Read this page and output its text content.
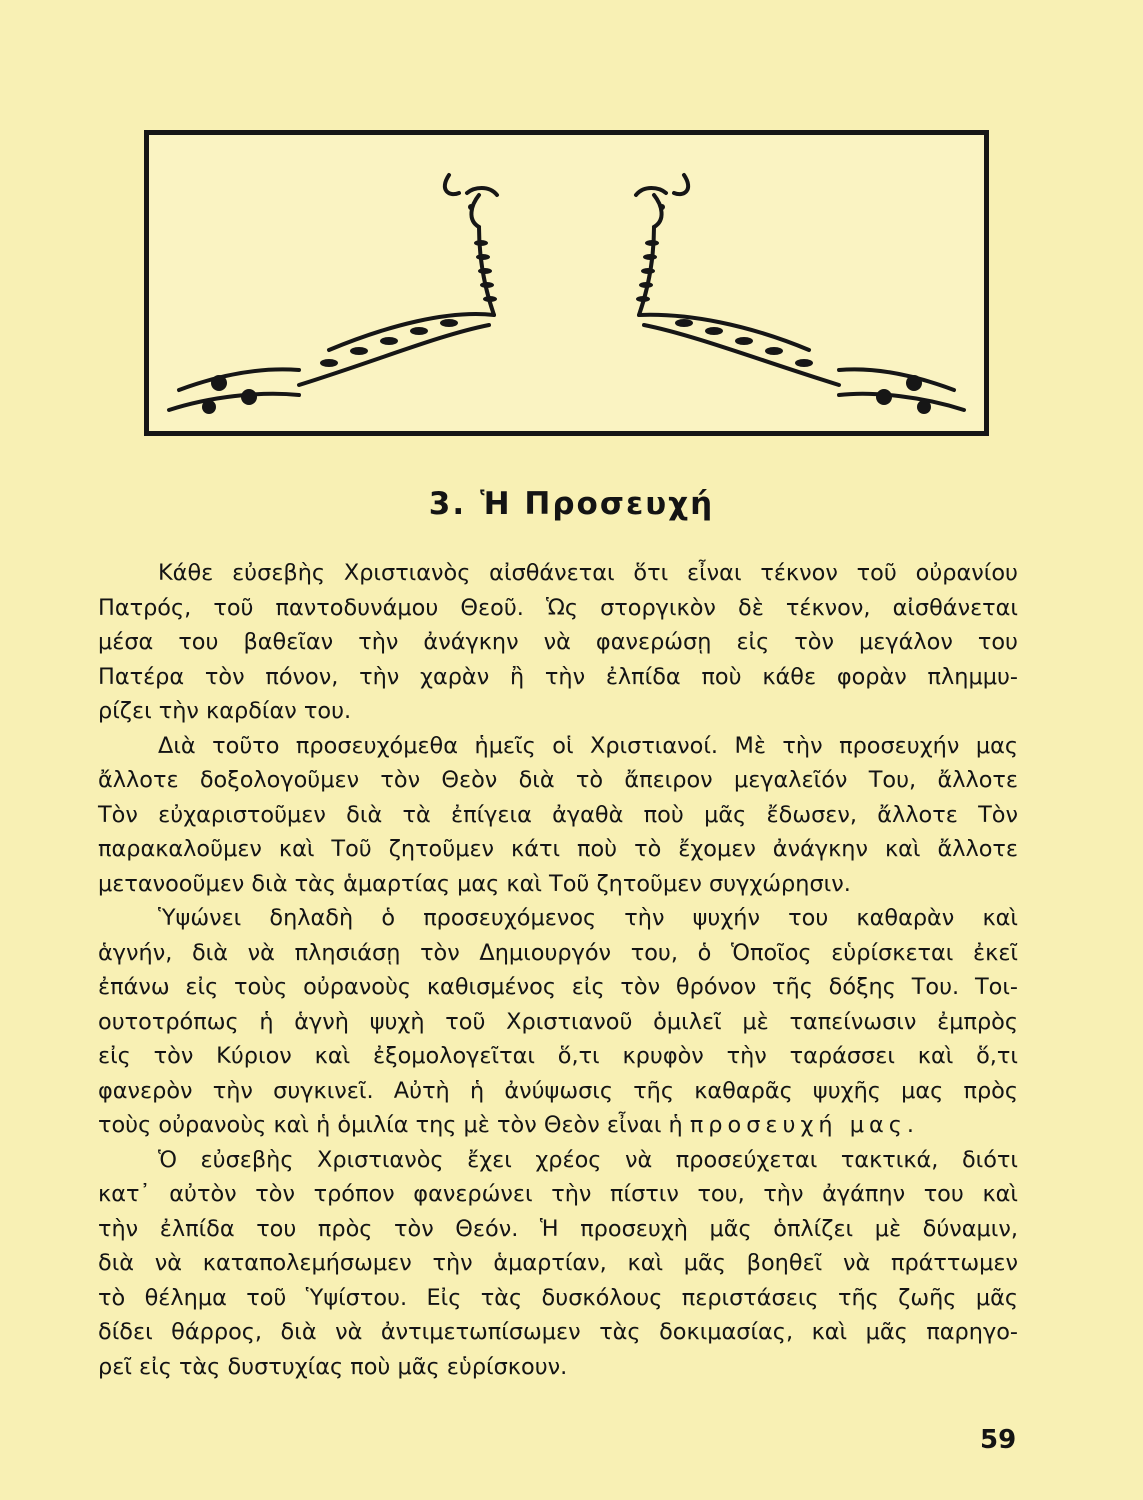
3. Ἡ Προσευχή
Κάθε εὐσεβὴς Χριστιανὸς αἰσθάνεται ὅτι εἶναι τέκνον τοῦ οὐρανίου
Πατρός, τοῦ παντοδυνάμου Θεοῦ. Ὡς στοργικὸν δὲ τέκνον, αἰσθάνεται
μέσα του βαθεῖαν τὴν ἀνάγκην νὰ φανερώσῃ εἰς τὸν μεγάλον του
Πατέρα τὸν πόνον, τὴν χαρὰν ἢ τὴν ἐλπίδα ποὺ κάθε φορὰν πλημμυ-
ρίζει τὴν καρδίαν του.
Διὰ τοῦτο προσευχόμεθα ἡμεῖς οἱ Χριστιανοί. Μὲ τὴν προσευχήν μας
ἄλλοτε δοξολογοῦμεν τὸν Θεὸν διὰ τὸ ἄπειρον μεγαλεῖόν Του, ἄλλοτε
Τὸν εὐχαριστοῦμεν διὰ τὰ ἐπίγεια ἀγαθὰ ποὺ μᾶς ἔδωσεν, ἄλλοτε Τὸν
παρακαλοῦμεν καὶ Τοῦ ζητοῦμεν κάτι ποὺ τὸ ἔχομεν ἀνάγκην καὶ ἄλλοτε
μετανοοῦμεν διὰ τὰς ἁμαρτίας μας καὶ Τοῦ ζητοῦμεν συγχώρησιν.
Ὑψώνει δηλαδὴ ὁ προσευχόμενος τὴν ψυχήν του καθαρὰν καὶ
ἁγνήν, διὰ νὰ πλησιάσῃ τὸν Δημιουργόν του, ὁ Ὁποῖος εὑρίσκεται ἐκεῖ
ἐπάνω εἰς τοὺς οὐρανοὺς καθισμένος εἰς τὸν θρόνον τῆς δόξης Του. Τοι-
ουτοτρόπως ἡ ἁγνὴ ψυχὴ τοῦ Χριστιανοῦ ὁμιλεῖ μὲ ταπείνωσιν ἐμπρὸς
εἰς τὸν Κύριον καὶ ἐξομολογεῖται ὅ,τι κρυφὸν τὴν ταράσσει καὶ ὅ,τι
φανερὸν τὴν συγκινεῖ. Αὐτὴ ἡ ἀνύψωσις τῆς καθαρᾶς ψυχῆς μας πρὸς
τοὺς οὐρανοὺς καὶ ἡ ὁμιλία της μὲ τὸν Θεὸν εἶναι ἡ προσευχή μας.
Ὁ εὐσεβὴς Χριστιανὸς ἔχει χρέος νὰ προσεύχεται τακτικά, διότι
κατ᾽ αὐτὸν τὸν τρόπον φανερώνει τὴν πίστιν του, τὴν ἀγάπην του καὶ
τὴν ἐλπίδα του πρὸς τὸν Θεόν. Ἡ προσευχὴ μᾶς ὁπλίζει μὲ δύναμιν,
διὰ νὰ καταπολεμήσωμεν τὴν ἁμαρτίαν, καὶ μᾶς βοηθεῖ νὰ πράττωμεν
τὸ θέλημα τοῦ Ὑψίστου. Εἰς τὰς δυσκόλους περιστάσεις τῆς ζωῆς μᾶς
δίδει θάρρος, διὰ νὰ ἀντιμετωπίσωμεν τὰς δοκιμασίας, καὶ μᾶς παρηγο-
ρεῖ εἰς τὰς δυστυχίας ποὺ μᾶς εὑρίσκουν.
59
